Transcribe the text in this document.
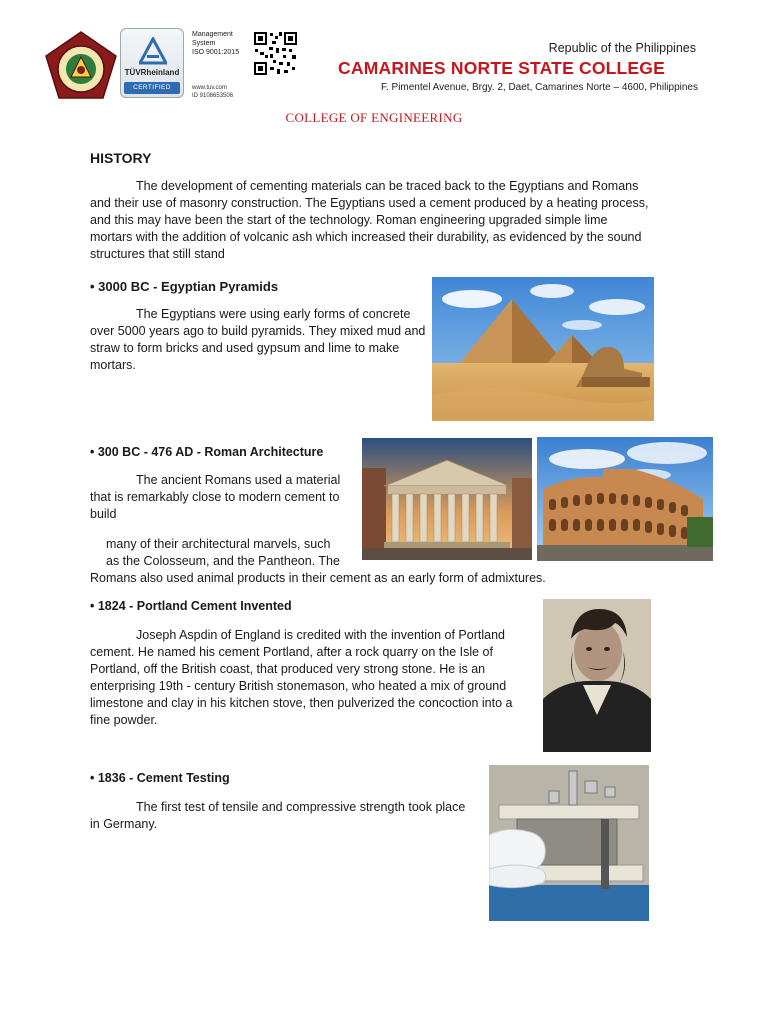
TÜVRheinland
CERTIFIED
Management
System
ISO 9001:2015
www.tuv.com
ID 9108653506
Republic of the Philippines
CAMARINES NORTE STATE COLLEGE
F. Pimentel Avenue, Brgy. 2, Daet, Camarines Norte – 4600, Philippines
COLLEGE OF ENGINEERING
HISTORY
The development of cementing materials can be traced back to the Egyptians and Romans and their use of masonry construction. The Egyptians used a cement produced by a heating process, and this may have been the start of the technology. Roman engineering upgraded simple lime mortars with the addition of volcanic ash which increased their durability, as evidenced by the sound structures that still stand
• 3000 BC - Egyptian Pyramids
The Egyptians were using early forms of concrete over 5000 years ago to build pyramids. They mixed mud and straw to form bricks and used gypsum and lime to make mortars.
• 300 BC - 476 AD - Roman Architecture
The ancient Romans used a material that is remarkably close to modern cement to build
many of their architectural marvels, such
as the Colosseum, and the Pantheon. The
Romans also used animal products in their cement as an early form of admixtures.
• 1824 - Portland Cement Invented
Joseph Aspdin of England is credited with the invention of Portland cement. He named his cement Portland, after a rock quarry on the Isle of Portland, off the British coast, that produced very strong stone. He is an enterprising 19th - century British stonemason, who heated a mix of ground limestone and clay in his kitchen stove, then pulverized the concoction into a fine powder.
• 1836 - Cement Testing
The first test of tensile and compressive strength took place in Germany.
